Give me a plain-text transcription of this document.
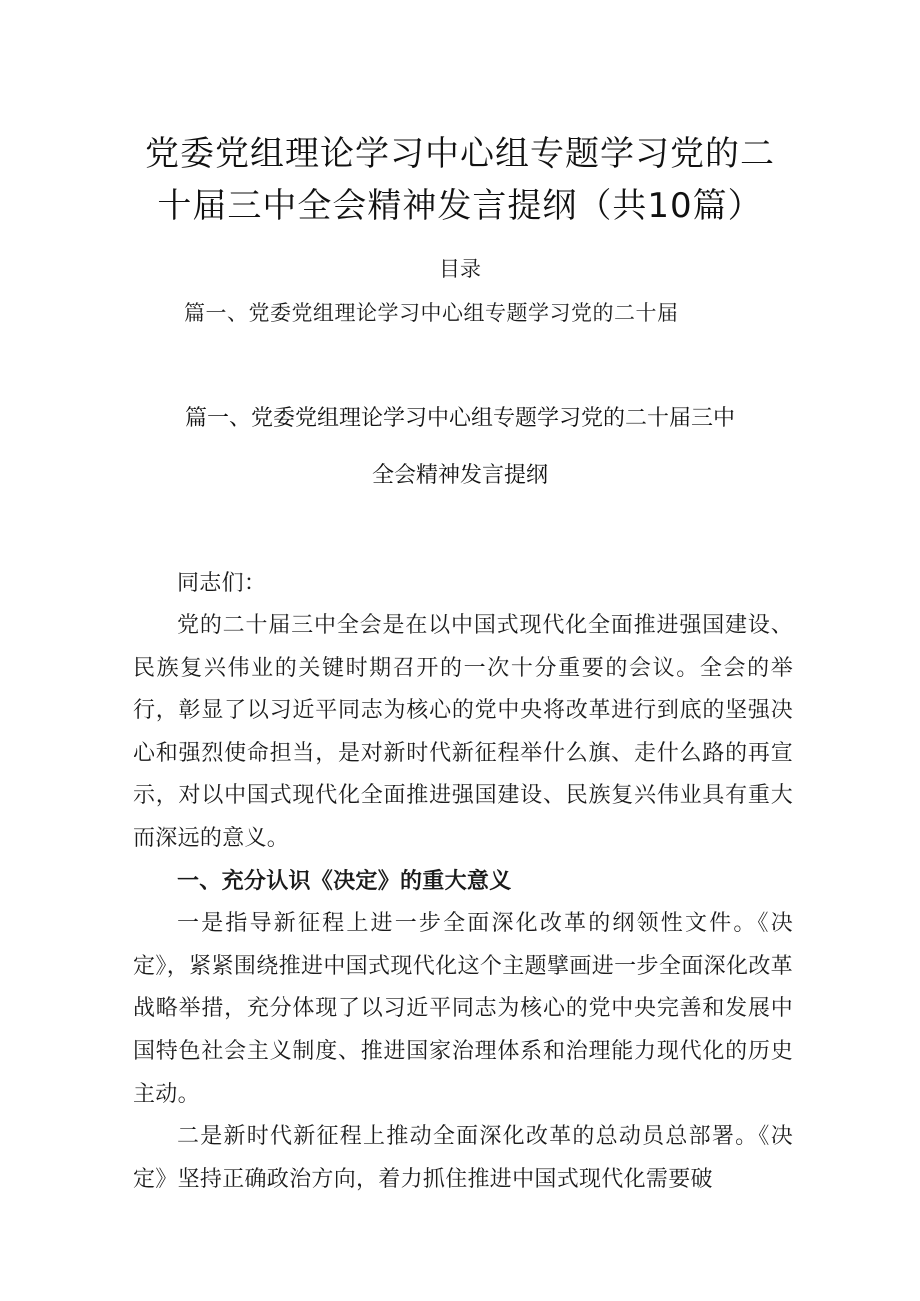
党委党组理论学习中心组专题学习党的二
十届三中全会精神发言提纲（共10篇）
目录
篇一、党委党组理论学习中心组专题学习党的二十届
篇一、党委党组理论学习中心组专题学习党的二十届三中
全会精神发言提纲

同志们：

党的二十届三中全会是在以中国式现代化全面推进强国建设、民族复兴伟业的关键时期召开的一次十分重要的会议。全会的举行，彰显了以习近平同志为核心的党中央将改革进行到底的坚强决心和强烈使命担当，是对新时代新征程举什么旗、走什么路的再宣示，对以中国式现代化全面推进强国建设、民族复兴伟业具有重大而深远的意义。

一、充分认识《决定》的重大意义

一是指导新征程上进一步全面深化改革的纲领性文件。《决定》，紧紧围绕推进中国式现代化这个主题擘画进一步全面深化改革战略举措，充分体现了以习近平同志为核心的党中央完善和发展中国特色社会主义制度、推进国家治理体系和治理能力现代化的历史主动。

二是新时代新征程上推动全面深化改革的总动员总部署。《决定》坚持正确政治方向，着力抓住推进中国式现代化需要破
